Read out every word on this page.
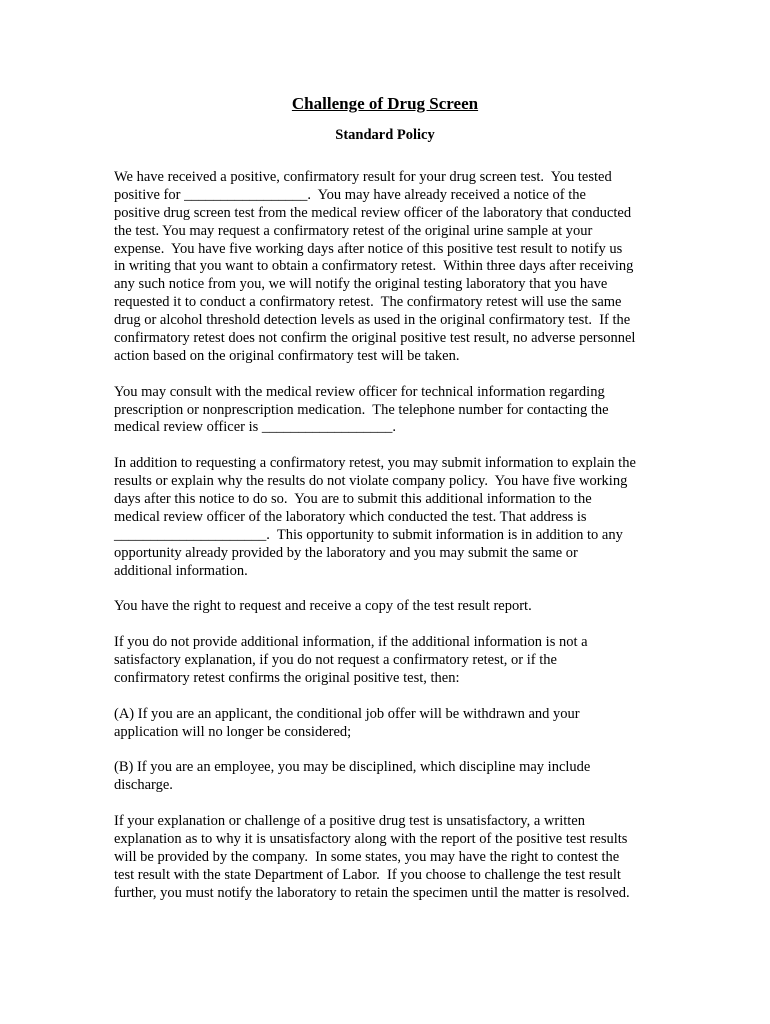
Challenge of Drug Screen
Standard Policy
We have received a positive, confirmatory result for your drug screen test.  You tested
positive for _________________.  You may have already received a notice of the
positive drug screen test from the medical review officer of the laboratory that conducted
the test. You may request a confirmatory retest of the original urine sample at your
expense.  You have five working days after notice of this positive test result to notify us
in writing that you want to obtain a confirmatory retest.  Within three days after receiving
any such notice from you, we will notify the original testing laboratory that you have
requested it to conduct a confirmatory retest.  The confirmatory retest will use the same
drug or alcohol threshold detection levels as used in the original confirmatory test.  If the
confirmatory retest does not confirm the original positive test result, no adverse personnel
action based on the original confirmatory test will be taken.
You may consult with the medical review officer for technical information regarding
prescription or nonprescription medication.  The telephone number for contacting the
medical review officer is __________________.
In addition to requesting a confirmatory retest, you may submit information to explain the
results or explain why the results do not violate company policy.  You have five working
days after this notice to do so.  You are to submit this additional information to the
medical review officer of the laboratory which conducted the test. That address is
_____________________.  This opportunity to submit information is in addition to any
opportunity already provided by the laboratory and you may submit the same or
additional information.
You have the right to request and receive a copy of the test result report.
If you do not provide additional information, if the additional information is not a
satisfactory explanation, if you do not request a confirmatory retest, or if the
confirmatory retest confirms the original positive test, then:
(A) If you are an applicant, the conditional job offer will be withdrawn and your
application will no longer be considered;
(B) If you are an employee, you may be disciplined, which discipline may include
discharge.
If your explanation or challenge of a positive drug test is unsatisfactory, a written
explanation as to why it is unsatisfactory along with the report of the positive test results
will be provided by the company.  In some states, you may have the right to contest the
test result with the state Department of Labor.  If you choose to challenge the test result
further, you must notify the laboratory to retain the specimen until the matter is resolved.
